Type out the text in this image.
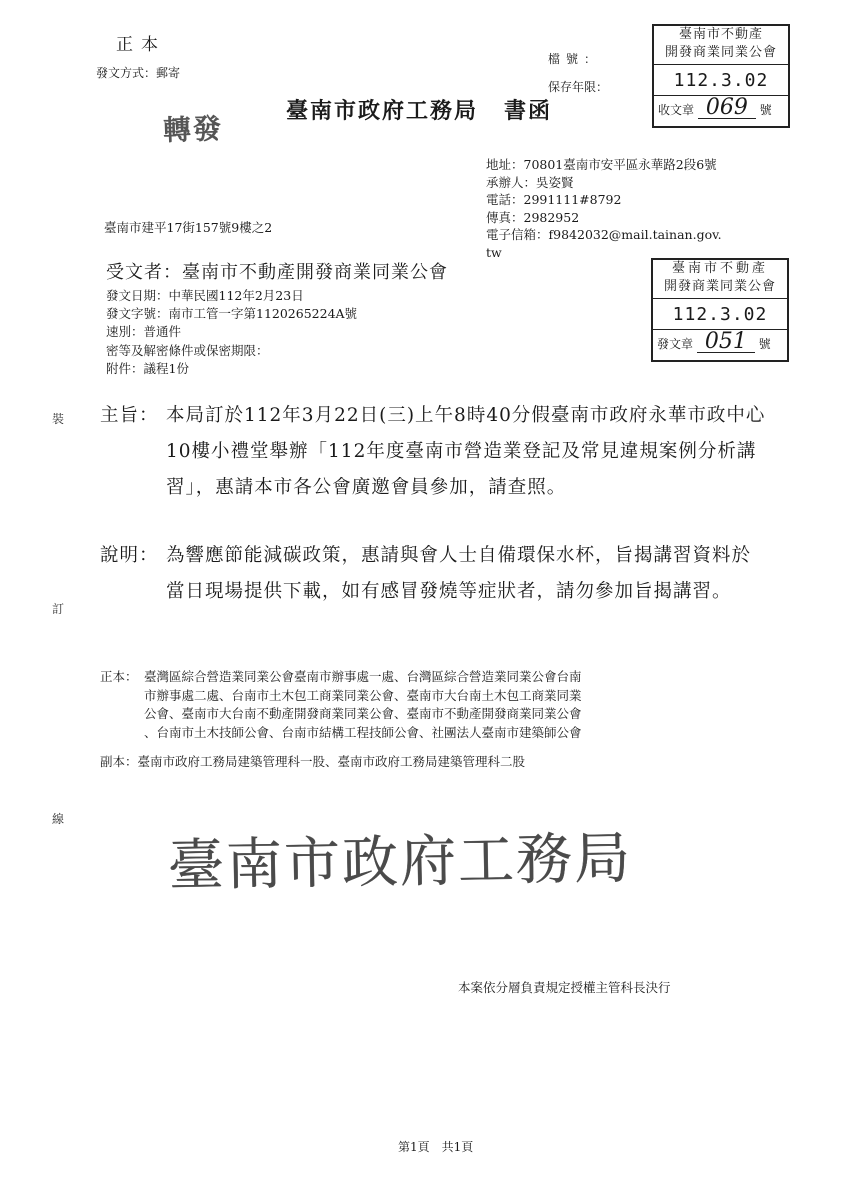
正本
發文方式：郵寄
檔號：
保存年限：
轉發
臺南市政府工務局 書函
臺南市不動產
開發商業同業公會
112.3.02
收文章 069 號
地址：70801臺南市安平區永華路2段6號
承辦人：吳姿賢
電話：2991111#8792
傳真：2982952
電子信箱：f9842032@mail.tainan.gov.
tw
臺南市建平17街157號9樓之2
受文者：臺南市不動產開發商業同業公會
發文日期：中華民國112年2月23日
發文字號：南市工管一字第1120265224A號
速別：普通件
密等及解密條件或保密期限：
附件：議程1份
臺南市不動產
開發商業同業公會
112.3.02
發文章 051 號
裝
訂
線
主旨： 本局訂於112年3月22日(三)上午8時40分假臺南市政府永華市政中心10樓小禮堂舉辦「112年度臺南市營造業登記及常見違規案例分析講習」，惠請本市各公會廣邀會員參加，請查照。
說明： 為響應節能減碳政策，惠請與會人士自備環保水杯，旨揭講習資料於當日現場提供下載，如有感冒發燒等症狀者，請勿參加旨揭講習。
正本： 臺灣區綜合營造業同業公會臺南市辦事處一處、台灣區綜合營造業同業公會台南
市辦事處二處、台南市土木包工商業同業公會、臺南市大台南土木包工商業同業
公會、臺南市大台南不動產開發商業同業公會、臺南市不動產開發商業同業公會
、台南市土木技師公會、台南市結構工程技師公會、社團法人臺南市建築師公會
副本：臺南市政府工務局建築管理科一股、臺南市政府工務局建築管理科二股
臺南市政府工務局
本案依分層負責規定授權主管科長決行
第1頁　共1頁
